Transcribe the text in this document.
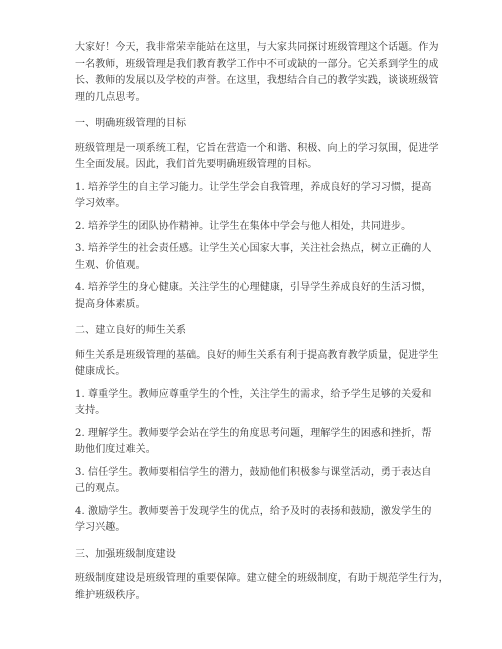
大家好！今天，我非常荣幸能站在这里，与大家共同探讨班级管理这个话题。作为
一名教师，班级管理是我们教育教学工作中不可或缺的一部分。它关系到学生的成
长、教师的发展以及学校的声誉。在这里，我想结合自己的教学实践，谈谈班级管
理的几点思考。

一、明确班级管理的目标

班级管理是一项系统工程，它旨在营造一个和谐、积极、向上的学习氛围，促进学
生全面发展。因此，我们首先要明确班级管理的目标。

1. 培养学生的自主学习能力。让学生学会自我管理，养成良好的学习习惯，提高
学习效率。

2. 培养学生的团队协作精神。让学生在集体中学会与他人相处，共同进步。

3. 培养学生的社会责任感。让学生关心国家大事，关注社会热点，树立正确的人
生观、价值观。

4. 培养学生的身心健康。关注学生的心理健康，引导学生养成良好的生活习惯，
提高身体素质。

二、建立良好的师生关系

师生关系是班级管理的基础。良好的师生关系有利于提高教育教学质量，促进学生
健康成长。

1. 尊重学生。教师应尊重学生的个性，关注学生的需求，给予学生足够的关爱和
支持。

2. 理解学生。教师要学会站在学生的角度思考问题，理解学生的困惑和挫折，帮
助他们度过难关。

3. 信任学生。教师要相信学生的潜力，鼓励他们积极参与课堂活动，勇于表达自
己的观点。

4. 激励学生。教师要善于发现学生的优点，给予及时的表扬和鼓励，激发学生的
学习兴趣。

三、加强班级制度建设

班级制度建设是班级管理的重要保障。建立健全的班级制度，有助于规范学生行为，
维护班级秩序。
